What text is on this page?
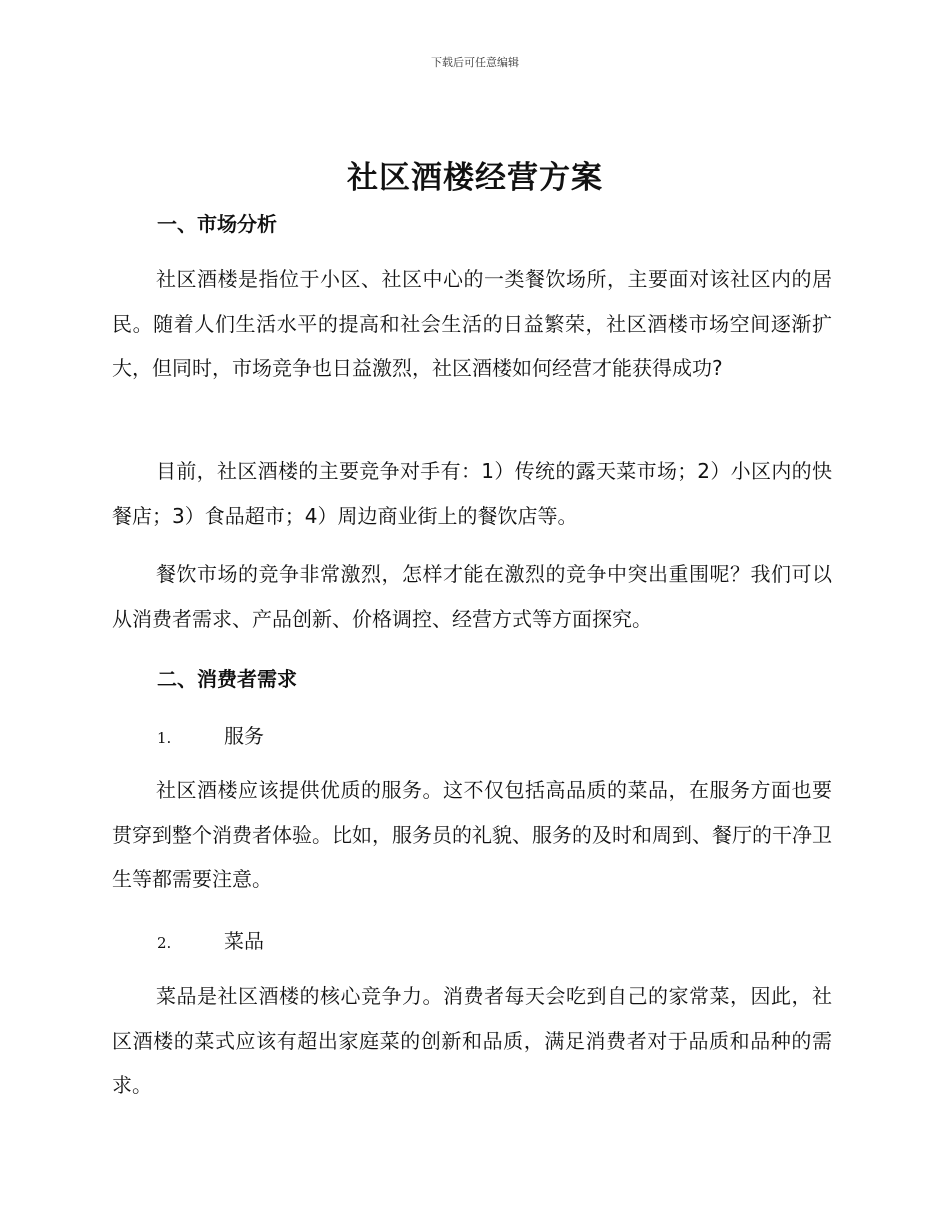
下载后可任意编辑
社区酒楼经营方案
一、市场分析

社区酒楼是指位于小区、社区中心的一类餐饮场所，主要面对该社区内的居民。随着人们生活水平的提高和社会生活的日益繁荣，社区酒楼市场空间逐渐扩大，但同时，市场竞争也日益激烈，社区酒楼如何经营才能获得成功?

目前，社区酒楼的主要竞争对手有：1）传统的露天菜市场；2）小区内的快餐店；3）食品超市；4）周边商业街上的餐饮店等。

餐饮市场的竞争非常激烈，怎样才能在激烈的竞争中突出重围呢？我们可以从消费者需求、产品创新、价格调控、经营方式等方面探究。

二、消费者需求
1.	服务

社区酒楼应该提供优质的服务。这不仅包括高品质的菜品，在服务方面也要贯穿到整个消费者体验。比如，服务员的礼貌、服务的及时和周到、餐厅的干净卫生等都需要注意。

2.	菜品

菜品是社区酒楼的核心竞争力。消费者每天会吃到自己的家常菜，因此，社区酒楼的菜式应该有超出家庭菜的创新和品质，满足消费者对于品质和品种的需求。
